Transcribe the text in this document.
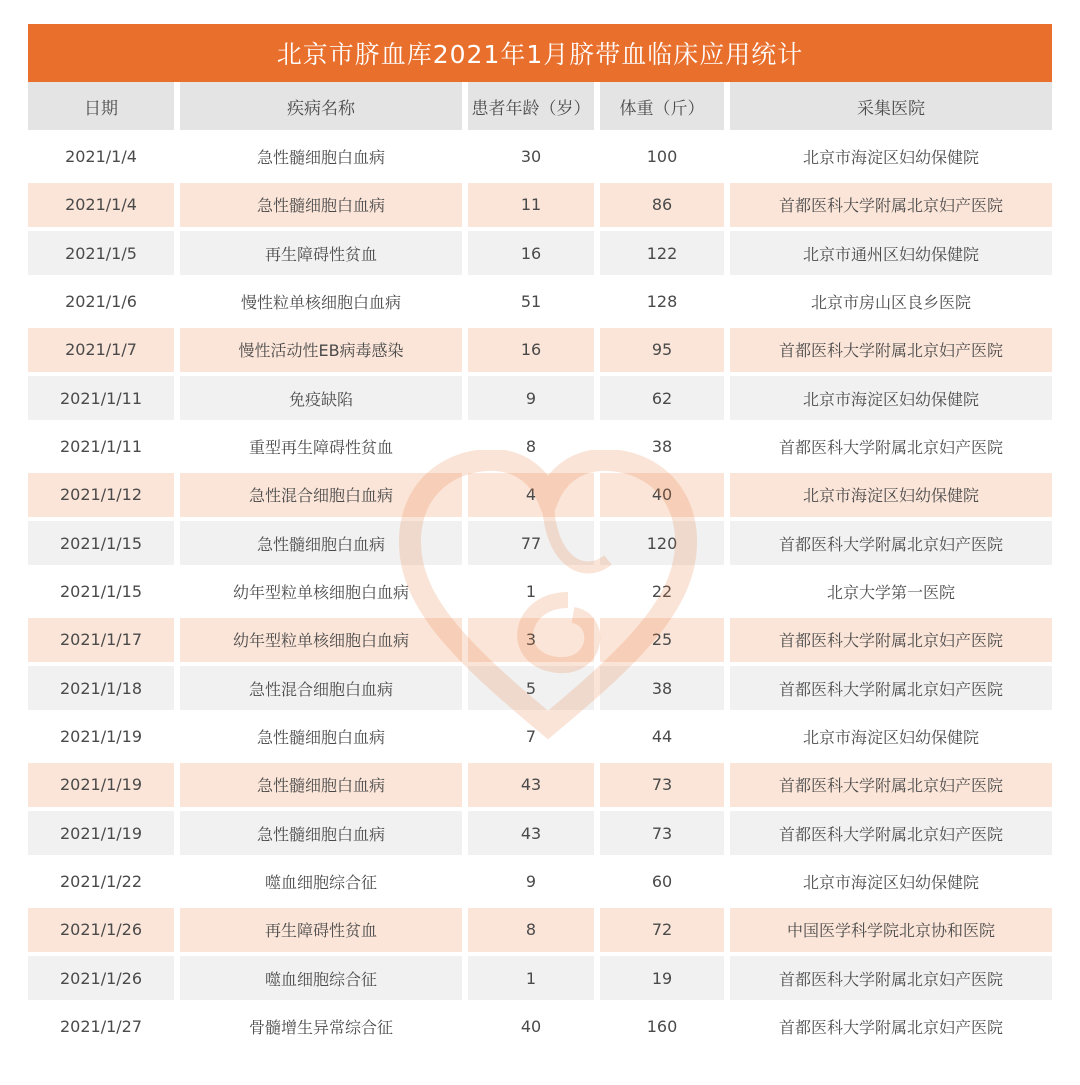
北京市脐血库2021年1月脐带血临床应用统计
日期	疾病名称	患者年龄（岁）	体重（斤）	采集医院
2021/1/4	急性髓细胞白血病	30	100	北京市海淀区妇幼保健院
2021/1/4	急性髓细胞白血病	11	86	首都医科大学附属北京妇产医院
2021/1/5	再生障碍性贫血	16	122	北京市通州区妇幼保健院
2021/1/6	慢性粒单核细胞白血病	51	128	北京市房山区良乡医院
2021/1/7	慢性活动性EB病毒感染	16	95	首都医科大学附属北京妇产医院
2021/1/11	免疫缺陷	9	62	北京市海淀区妇幼保健院
2021/1/11	重型再生障碍性贫血	8	38	首都医科大学附属北京妇产医院
2021/1/12	急性混合细胞白血病	4	40	北京市海淀区妇幼保健院
2021/1/15	急性髓细胞白血病	77	120	首都医科大学附属北京妇产医院
2021/1/15	幼年型粒单核细胞白血病	1	22	北京大学第一医院
2021/1/17	幼年型粒单核细胞白血病	3	25	首都医科大学附属北京妇产医院
2021/1/18	急性混合细胞白血病	5	38	首都医科大学附属北京妇产医院
2021/1/19	急性髓细胞白血病	7	44	北京市海淀区妇幼保健院
2021/1/19	急性髓细胞白血病	43	73	首都医科大学附属北京妇产医院
2021/1/19	急性髓细胞白血病	43	73	首都医科大学附属北京妇产医院
2021/1/22	噬血细胞综合征	9	60	北京市海淀区妇幼保健院
2021/1/26	再生障碍性贫血	8	72	中国医学科学院北京协和医院
2021/1/26	噬血细胞综合征	1	19	首都医科大学附属北京妇产医院
2021/1/27	骨髓增生异常综合征	40	160	首都医科大学附属北京妇产医院
